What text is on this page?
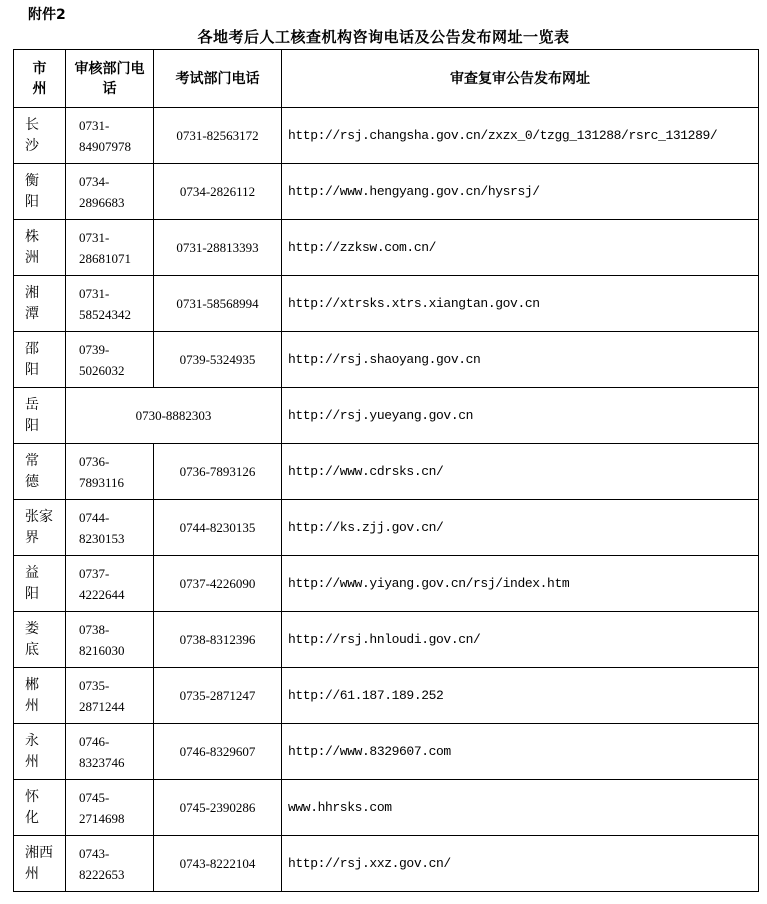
附件2
各地考后人工核查机构咨询电话及公告发布网址一览表
市 州	审核部门电话	考试部门电话	审查复审公告发布网址

长 沙	0731-84907978	0731-82563172	http://rsj.changsha.gov.cn/zxzx_0/tzgg_131288/rsrc_131289/

衡 阳	0734-2896683	0734-2826112	http://www.hengyang.gov.cn/hysrsj/

株 洲	0731-28681071	0731-28813393	http://zzksw.com.cn/

湘 潭	0731-58524342	0731-58568994	http://xtrsks.xtrs.xiangtan.gov.cn

邵 阳	0739-5026032	0739-5324935	http://rsj.shaoyang.gov.cn

岳 阳	0730-8882303		http://rsj.yueyang.gov.cn

常 德	0736-7893116	0736-7893126	http://www.cdrsks.cn/

张家界	0744-8230153	0744-8230135	http://ks.zjj.gov.cn/

益 阳	0737-4222644	0737-4226090	http://www.yiyang.gov.cn/rsj/index.htm

娄 底	0738-8216030	0738-8312396	http://rsj.hnloudi.gov.cn/

郴 州	0735-2871244	0735-2871247	http://61.187.189.252

永 州	0746-8323746	0746-8329607	http://www.8329607.com

怀 化	0745-2714698	0745-2390286	www.hhrsks.com

湘西州	0743-8222653	0743-8222104	http://rsj.xxz.gov.cn/
